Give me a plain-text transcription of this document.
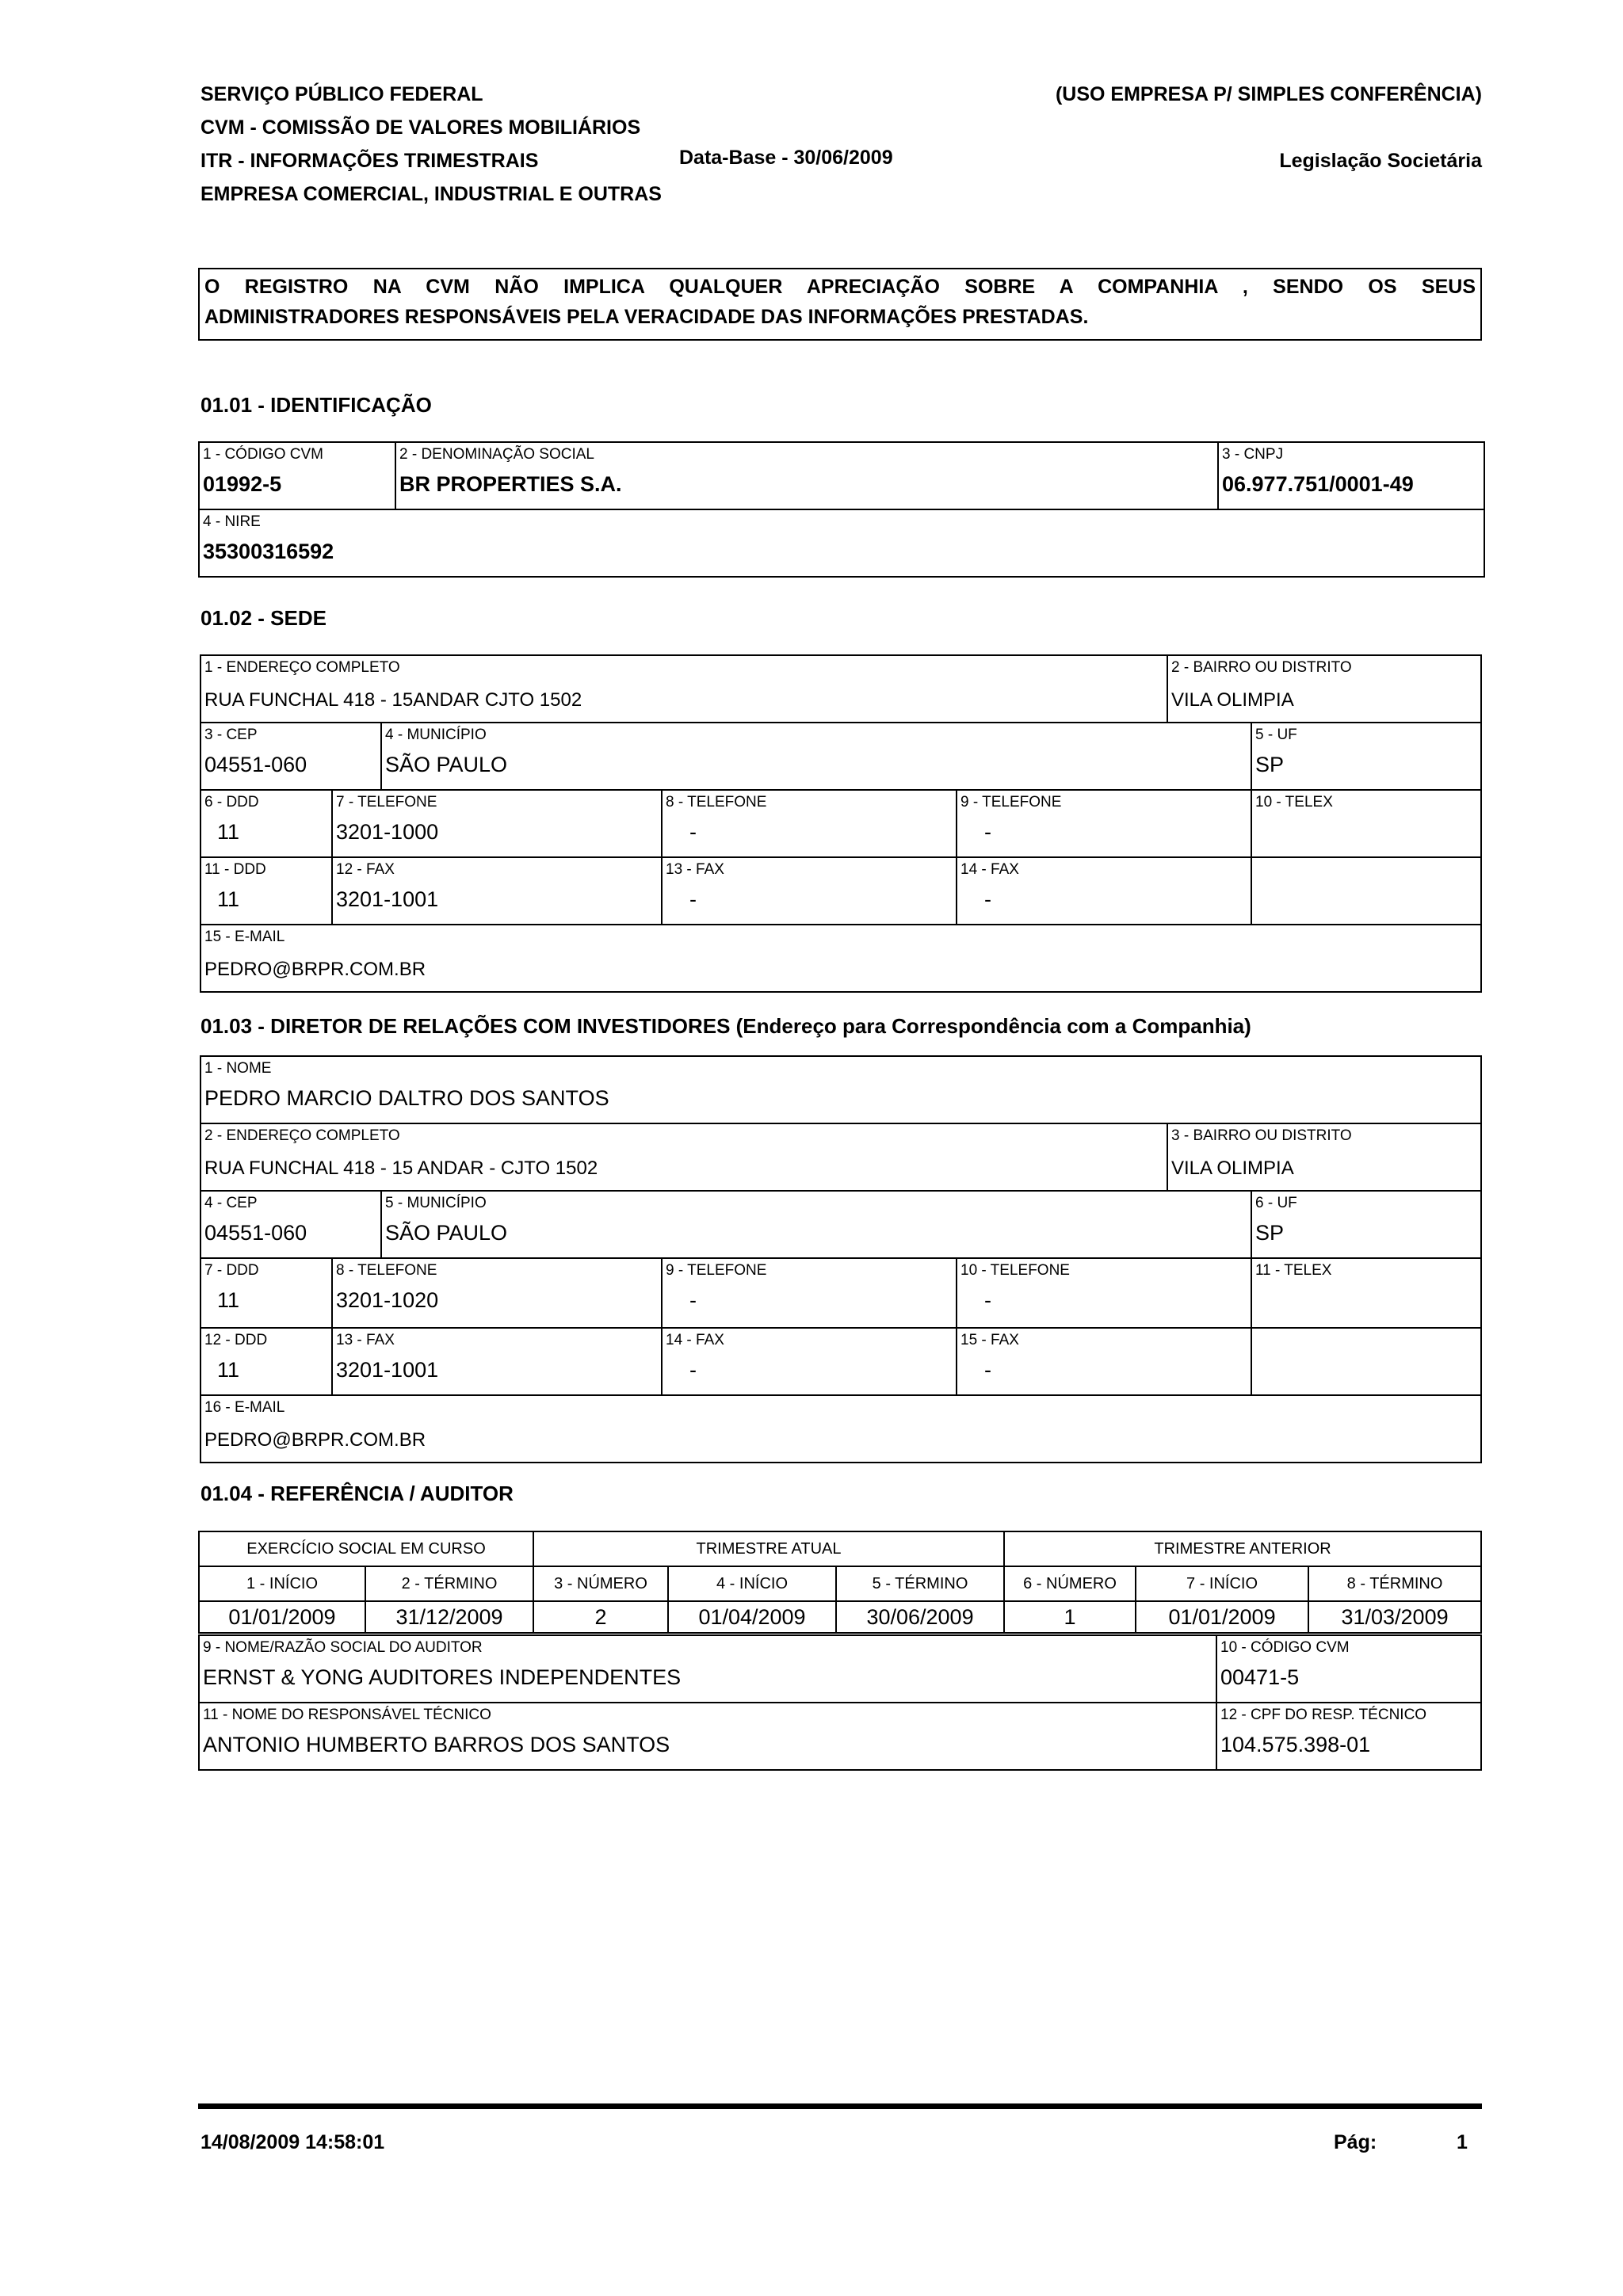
SERVIÇO PÚBLICO FEDERAL
CVM - COMISSÃO DE VALORES MOBILIÁRIOS
ITR - INFORMAÇÕES TRIMESTRAIS	Data-Base - 30/06/2009
EMPRESA COMERCIAL, INDUSTRIAL E OUTRAS
(USO EMPRESA P/ SIMPLES CONFERÊNCIA)
Legislação Societária
O REGISTRO NA CVM NÃO IMPLICA QUALQUER APRECIAÇÃO SOBRE A COMPANHIA , SENDO OS SEUS
ADMINISTRADORES RESPONSÁVEIS PELA VERACIDADE DAS INFORMAÇÕES PRESTADAS.
01.01 - IDENTIFICAÇÃO
1 - CÓDIGO CVM
01992-5

2 - DENOMINAÇÃO SOCIAL
BR PROPERTIES S.A.

3 - CNPJ
06.977.751/0001-49

4 - NIRE
35300316592
01.02 - SEDE
1 - ENDEREÇO COMPLETO
RUA FUNCHAL 418 - 15ANDAR CJTO 1502					2 - BAIRRO OU DISTRITO
VILA OLIMPIA	

3 - CEP
04551-060		4 - MUNICÍPIO
SÃO PAULO				5 - UF
SP

6 - DDD
11	7 - TELEFONE
3201-1000		8 - TELEFONE
-	9 - TELEFONE
-		10 - TELEX

11 - DDD
11	12 - FAX
3201-1001		13 - FAX
-	14 - FAX
-		

15 - E-MAIL
PEDRO@BRPR.COM.BR						
01.03 - DIRETOR DE RELAÇÕES COM INVESTIDORES (Endereço para Correspondência com a Companhia)
1 - NOME
PEDRO MARCIO DALTRO DOS SANTOS						

2 - ENDEREÇO COMPLETO
RUA FUNCHAL 418 - 15 ANDAR - CJTO 1502					3 - BAIRRO OU DISTRITO
VILA OLIMPIA	

4 - CEP
04551-060		5 - MUNICÍPIO
SÃO PAULO				6 - UF
SP

7 - DDD
11	8 - TELEFONE
3201-1020		9 - TELEFONE
-	10 - TELEFONE
-		11 - TELEX

12 - DDD
11	13 - FAX
3201-1001		14 - FAX
-	15 - FAX
-		

16 - E-MAIL
PEDRO@BRPR.COM.BR						
01.04 - REFERÊNCIA / AUDITOR
EXERCÍCIO SOCIAL EM CURSO		TRIMESTRE ATUAL			TRIMESTRE ANTERIOR		
1 - INÍCIO	2 - TÉRMINO	3 - NÚMERO	4 - INÍCIO	5 - TÉRMINO	6 - NÚMERO	7 - INÍCIO	8 - TÉRMINO
01/01/2009	31/12/2009	2	01/04/2009	30/06/2009	1	01/01/2009	31/03/2009
9 - NOME/RAZÃO SOCIAL DO AUDITOR
ERNST & YONG AUDITORES INDEPENDENTES	10 - CÓDIGO CVM
00471-5

11 - NOME DO RESPONSÁVEL TÉCNICO
ANTONIO HUMBERTO BARROS DOS SANTOS	12 - CPF DO RESP. TÉCNICO
104.575.398-01
14/08/2009 14:58:01	Pág:	1
